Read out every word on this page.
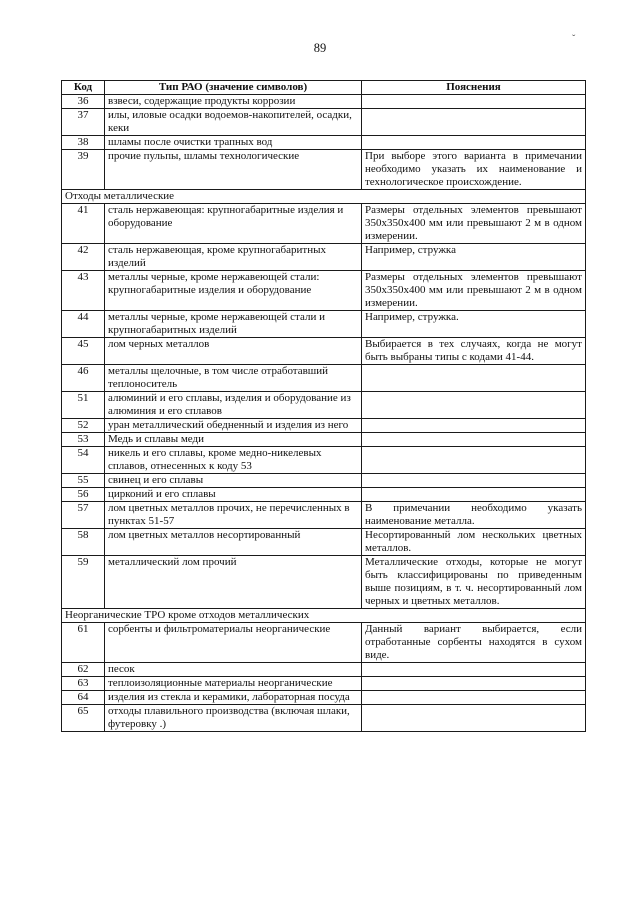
89
ˇ
Код	Тип РАО (значение символов)	Пояснения
36	взвеси, содержащие продукты коррозии	
37	илы, иловые осадки водоемов-накопителей, осадки, кеки	
38	шламы после очистки трапных вод	
39	прочие пульпы, шламы технологические	При выборе этого варианта в примечании необходимо указать их наименование и технологическое происхождение.
Отходы металлические		
41	сталь нержавеющая: крупногабаритные изделия и оборудование	Размеры отдельных элементов превышают 350x350x400 мм или превышают 2 м в одном измерении.
42	сталь нержавеющая, кроме крупногабаритных изделий	Например, стружка
43	металлы черные, кроме нержавеющей стали: крупногабаритные изделия и оборудование	Размеры отдельных элементов превышают 350x350x400 мм или превышают 2 м в одном измерении.
44	металлы черные, кроме нержавеющей стали и крупногабаритных изделий	Например, стружка.
45	лом черных металлов	Выбирается в тех случаях, когда не могут быть выбраны типы с кодами 41-44.
46	металлы щелочные, в том числе отработавший теплоноситель	
51	алюминий и его сплавы, изделия и оборудование из алюминия и его сплавов	
52	уран металлический обедненный и изделия из него	
53	Медь и сплавы меди	
54	никель и его сплавы, кроме медно-никелевых сплавов, отнесенных к коду 53	
55	свинец и его сплавы	
56	цирконий и его сплавы	
57	лом цветных металлов прочих, не перечисленных в пунктах 51-57	В примечании необходимо указать наименование металла.
58	лом цветных металлов несортированный	Несортированный лом нескольких цветных металлов.
59	металлический лом прочий	Металлические отходы, которые не могут быть классифицированы по приведенным выше позициям, в т. ч. несортированный лом черных и цветных металлов.
Неорганические ТРО кроме отходов металлических		
61	сорбенты и фильтроматериалы неорганические	Данный вариант выбирается, если отработанные сорбенты находятся в сухом виде.
62	песок	
63	теплоизоляционные материалы неорганические	
64	изделия из стекла и керамики, лабораторная посуда	
65	отходы плавильного производства (включая шлаки, футеровку .)	
